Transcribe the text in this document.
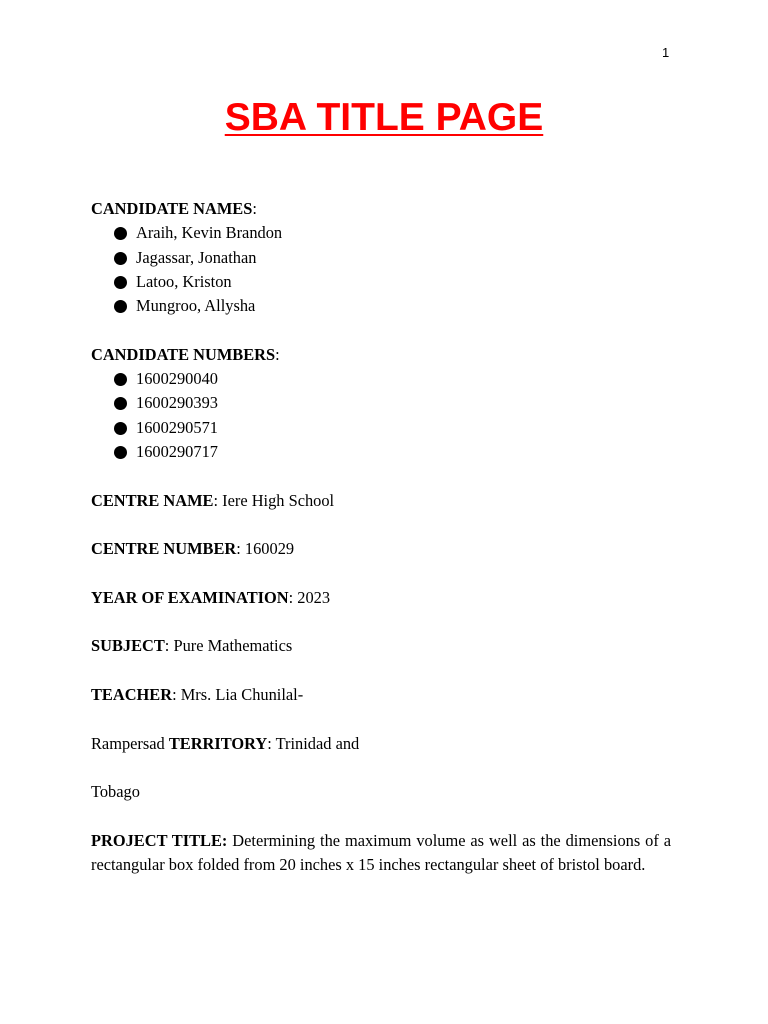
1
SBA TITLE PAGE

CANDIDATE NAMES:

Araih, Kevin Brandon
Jagassar, Jonathan
Latoo, Kriston
Mungroo, Allysha

CANDIDATE NUMBERS:

1600290040
1600290393
1600290571
1600290717

CENTRE NAME: Iere High School

CENTRE NUMBER: 160029

YEAR OF EXAMINATION: 2023

SUBJECT: Pure Mathematics

TEACHER: Mrs. Lia Chunilal-

Rampersad TERRITORY: Trinidad and

Tobago

PROJECT TITLE: Determining the maximum volume as well as the dimensions of a rectangular box folded from 20 inches x 15 inches rectangular sheet of bristol board.
